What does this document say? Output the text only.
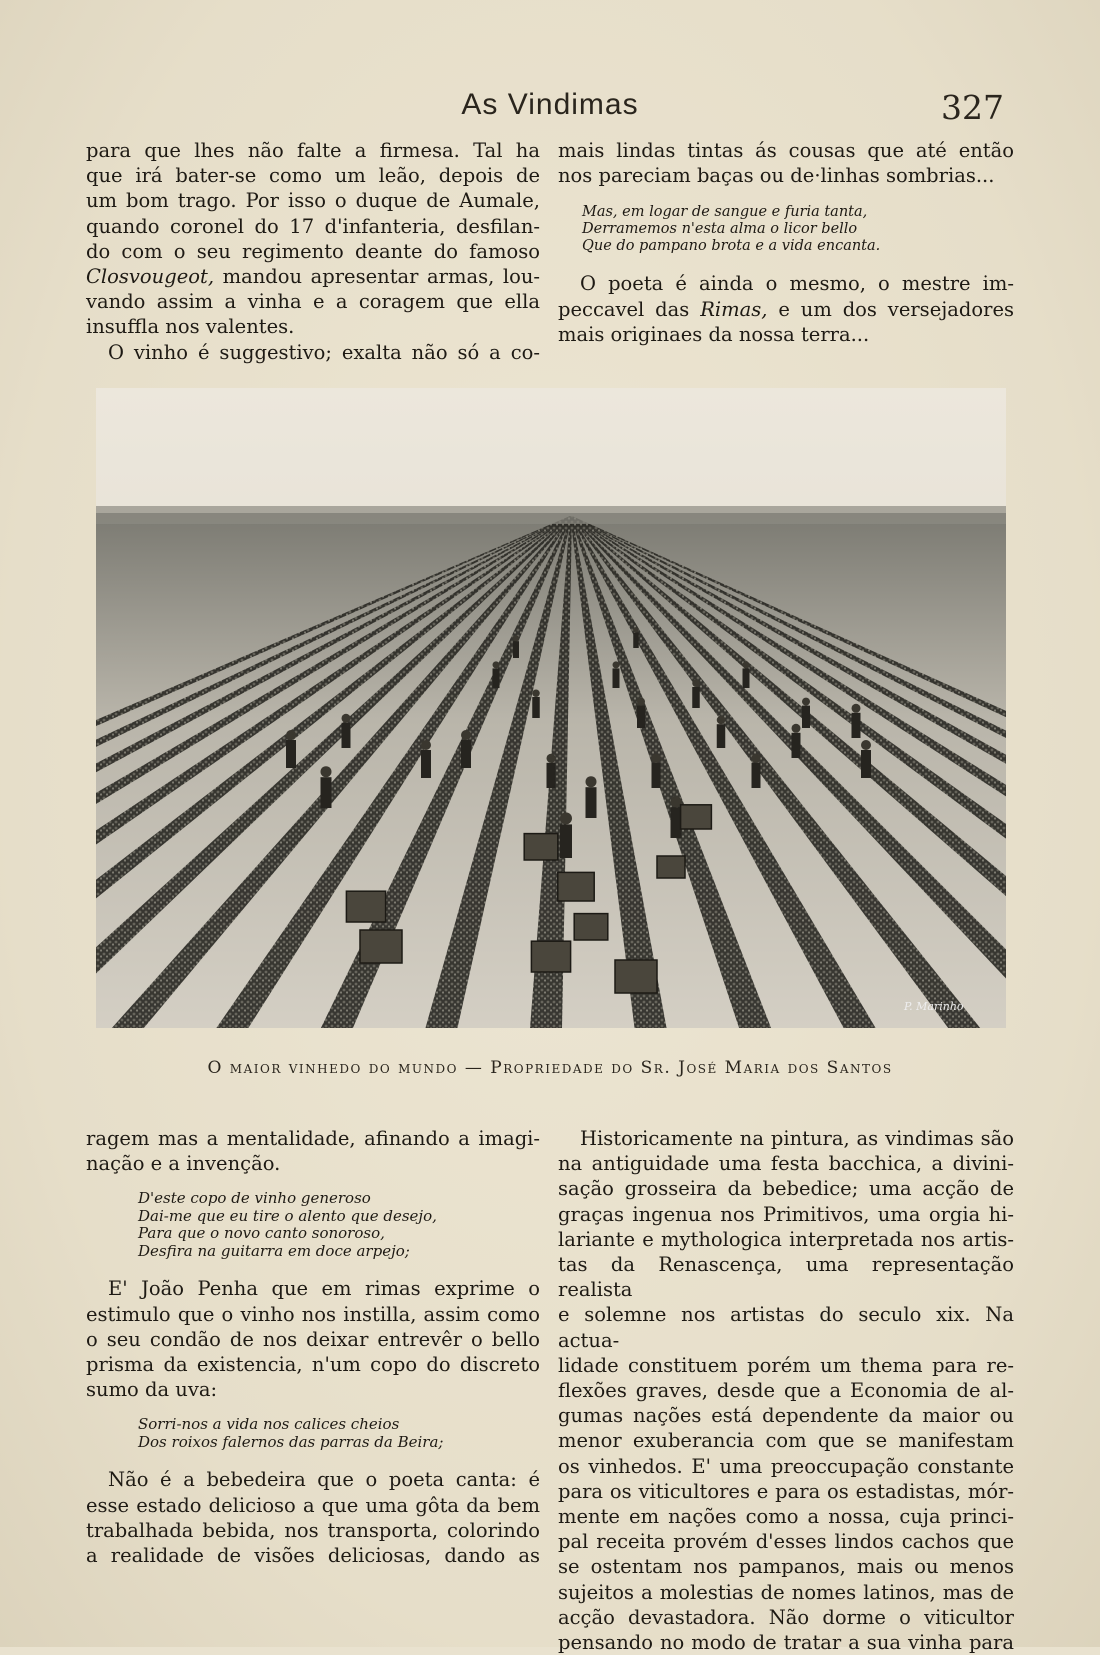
As Vindimas	327

para que lhes não falte a firmesa. Tal ha

que irá bater-se como um leão, depois de

um bom trago. Por isso o duque de Aumale,

quando coronel do 17 d'infanteria, desfilan-

do com o seu regimento deante do famoso

Closvougeot, mandou apresentar armas, lou-

vando assim a vinha e a coragem que ella

insuffla nos valentes.

O vinho é suggestivo; exalta não só a co-

mais lindas tintas ás cousas que até então

nos pareciam baças ou de·linhas sombrias...

Mas, em logar de sangue e furia tanta,
Derramemos n'esta alma o licor bello
Que do pampano brota e a vida encanta.

O poeta é ainda o mesmo, o mestre im-

peccavel das Rimas, e um dos versejadores

mais originaes da nossa terra...

P. Marinho
O maior vinhedo do mundo — Propriedade do Sr. José Maria dos Santos

ragem mas a mentalidade, afinando a imagi-

nação e a invenção.

D'este copo de vinho generoso
Dai-me que eu tire o alento que desejo,
Para que o novo canto sonoroso,
Desfira na guitarra em doce arpejo;

E' João Penha que em rimas exprime o

estimulo que o vinho nos instilla, assim como

o seu condão de nos deixar entrevêr o bello

prisma da existencia, n'um copo do discreto

sumo da uva:

Sorri-nos a vida nos calices cheios
Dos roixos falernos das parras da Beira;

Não é a bebedeira que o poeta canta: é

esse estado delicioso a que uma gôta da bem

trabalhada bebida, nos transporta, colorindo

a realidade de visões deliciosas, dando as

Historicamente na pintura, as vindimas são

na antiguidade uma festa bacchica, a divini-

sação grosseira da bebedice; uma acção de

graças ingenua nos Primitivos, uma orgia hi-

lariante e mythologica interpretada nos artis-

tas da Renascença, uma representação realista

e solemne nos artistas do seculo xix. Na actua-

lidade constituem porém um thema para re-

flexões graves, desde que a Economia de al-

gumas nações está dependente da maior ou

menor exuberancia com que se manifestam

os vinhedos. E' uma preoccupação constante

para os viticultores e para os estadistas, mór-

mente em nações como a nossa, cuja princi-

pal receita provém d'esses lindos cachos que

se ostentam nos pampanos, mais ou menos

sujeitos a molestias de nomes latinos, mas de

acção devastadora. Não dorme o viticultor

pensando no modo de tratar a sua vinha para
